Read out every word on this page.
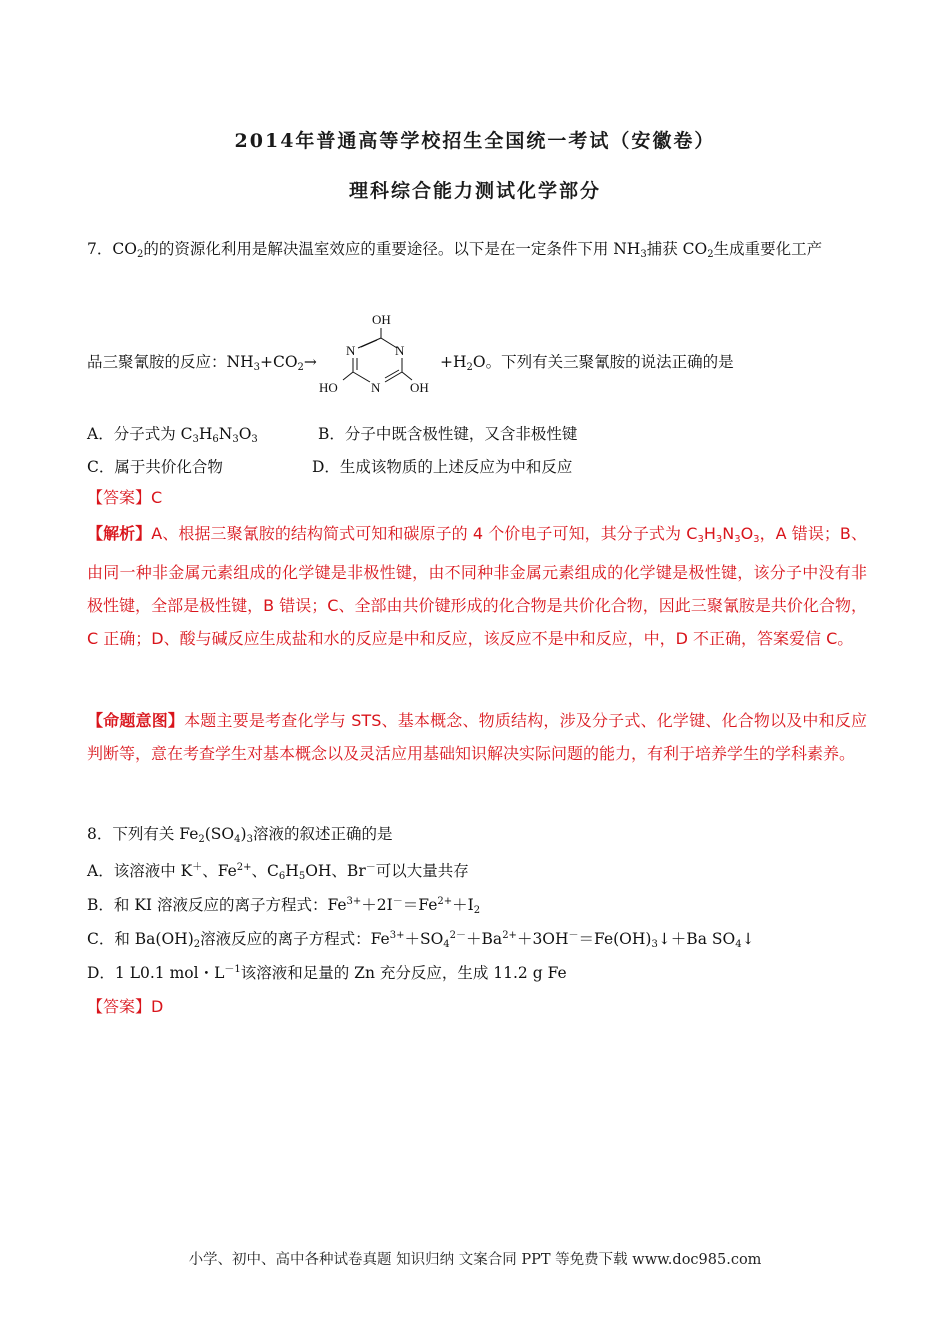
2014年普通高等学校招生全国统一考试（安徽卷）
理科综合能力测试化学部分
7．$CO_2$的的资源化利用是解决温室效应的重要途径。以下是在一定条件下用 $NH_3$捕获 $CO_2$生成重要化工产
品三聚氰胺的反应：$NH_3+CO_2\to$
OH
N	N
N
HO	OH
$+H_2O$。下列有关三聚氰胺的说法正确的是
A．分子式为 $C_3H_6N_3O_3$	B．分子中既含极性键，又含非极性键
C．属于共价化合物	D．生成该物质的上述反应为中和反应
【答案】C
【解析】A、根据三聚氰胺的结构简式可知和碳原子的 4 个价电子可知，其分子式为 $C_3H_3N_3O_3$，A 错误；B、由同一种非金属元素组成的化学键是非极性键，由不同种非金属元素组成的化学键是极性键，该分子中没有非极性键，全部是极性键，B 错误；C、全部由共价键形成的化合物是共价化合物，因此三聚氰胺是共价化合物，C 正确；D、酸与碱反应生成盐和水的反应是中和反应，该反应不是中和反应，中，D 不正确，答案爱信 C。
【命题意图】本题主要是考查化学与 STS、基本概念、物质结构，涉及分子式、化学键、化合物以及中和反应判断等，意在考查学生对基本概念以及灵活应用基础知识解决实际问题的能力，有利于培养学生的学科素养。
8．下列有关 $Fe_2(SO_4)_3$溶液的叙述正确的是
A．该溶液中 K＋、$Fe^{2+}$、$C_6H_5OH$、Br－可以大量共存
B．和 KI 溶液反应的离子方程式：$Fe^{3+}+2I^-=Fe^{2+}+I_2$
C．和 $Ba(OH)_2$溶液反应的离子方程式：$Fe^{3+}+SO_4^{2-}+Ba^{2+}+3OH^-=Fe(OH)_3↓+Ba$ $SO_4↓$
D．1 L0.1 mol・$L^{-1}$该溶液和足量的 Zn 充分反应，生成 11.2 g Fe
【答案】D
小学、初中、高中各种试卷真题 知识归纳 文案合同 PPT 等免费下载 www.doc985.com
